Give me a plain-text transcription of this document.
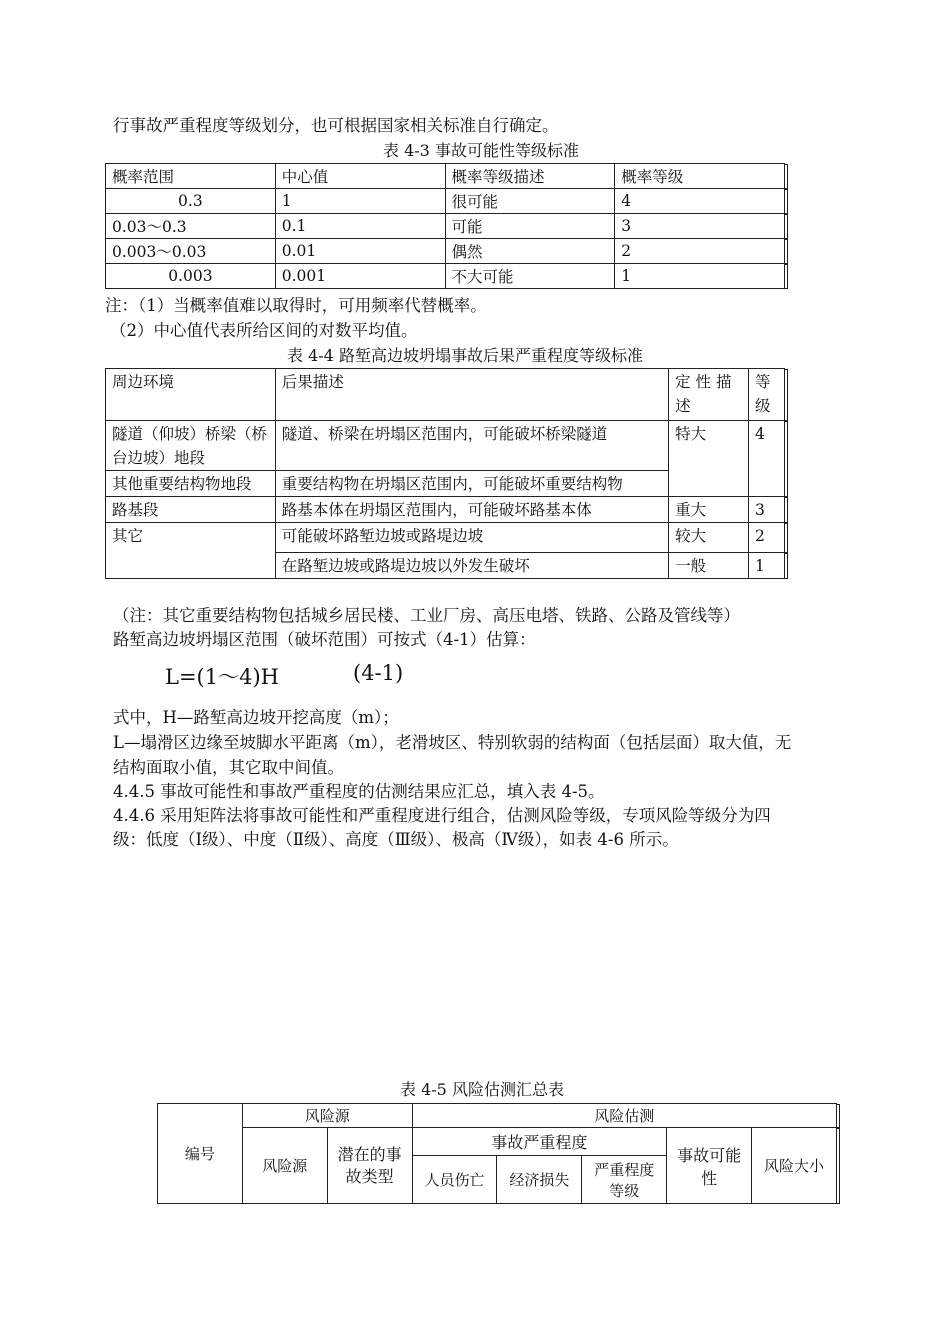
行事故严重程度等级划分，也可根据国家相关标准自行确定。
表 4-3 事故可能性等级标准
概率范围	中心值	概率等级描述	概率等级
0.3	1	很可能	4
0.03～0.3	0.1	可能	3
0.003～0.03	0.01	偶然	2
0.003	0.001	不大可能	1
注：（1）当概率值难以取得时，可用频率代替概率。
（2）中心值代表所给区间的对数平均值。
表 4-4 路堑高边坡坍塌事故后果严重程度等级标准
周边环境	后果描述	定 性 描 述	等级
隧道（仰坡）桥梁（桥台边坡）地段	隧道、桥梁在坍塌区范围内，可能破坏桥梁隧道	特大	4
其他重要结构物地段	重要结构物在坍塌区范围内，可能破坏重要结构物		
路基段	路基本体在坍塌区范围内，可能破坏路基本体	重大	3
其它	可能破坏路堑边坡或路堤边坡	较大	2
	在路堑边坡或路堤边坡以外发生破坏	一般	1
（注：其它重要结构物包括城乡居民楼、工业厂房、高压电塔、铁路、公路及管线等）
路堑高边坡坍塌区范围（破坏范围）可按式（4-1）估算：
L=(1～4)H	(4-1)
式中，H—路堑高边坡开挖高度（m）；
L—塌滑区边缘至坡脚水平距离（m），老滑坡区、特别软弱的结构面（包括层面）取大值，无
结构面取小值，其它取中间值。
4.4.5 事故可能性和事故严重程度的估测结果应汇总，填入表 4-5。
4.4.6 采用矩阵法将事故可能性和严重程度进行组合，估测风险等级，专项风险等级分为四
级：低度（Ⅰ级）、中度（Ⅱ级）、高度（Ⅲ级）、极高（Ⅳ级），如表 4-6 所示。
表 4-5 风险估测汇总表
编号	风险源		风险估测				
	风险源	潜在的事故类型	事故严重程度			事故可能性	风险大小
			人员伤亡	经济损失	严重程度等级		
